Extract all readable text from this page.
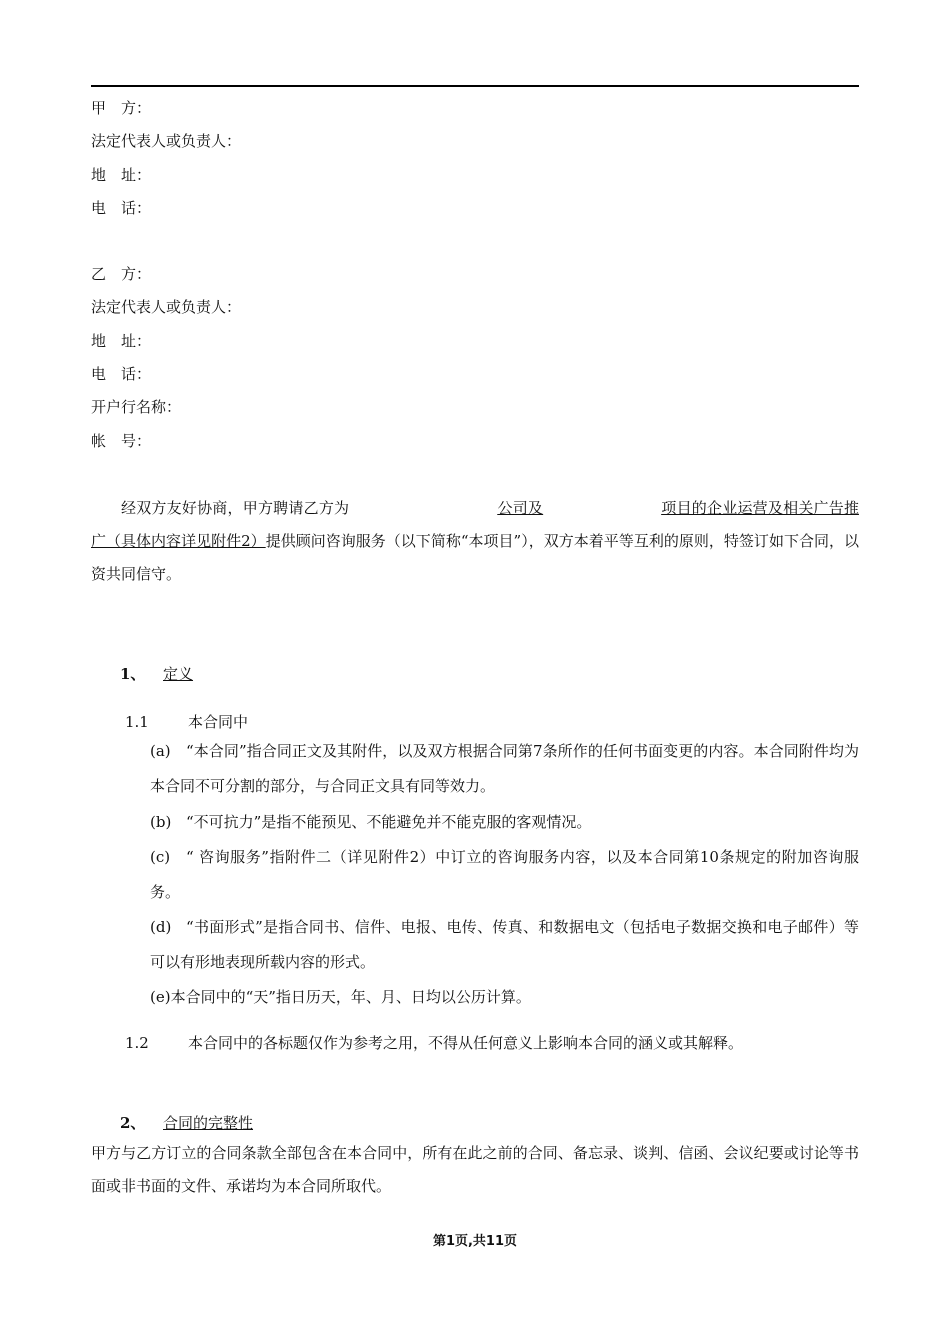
甲　方：
法定代表人或负责人：
地　址：
电　话：
乙　方：
法定代表人或负责人：
地　址：
电　话：
开户行名称：
帐　号：
经双方友好协商，甲方聘请乙方为	公司及	项目的企业运营及相关广告推广（具体内容详见附件2）提供顾问咨询服务（以下简称“本项目”），双方本着平等互利的原则，特签订如下合同，以资共同信守。
1、 定义
1.1	本合同中
(a) “本合同”指合同正文及其附件，以及双方根据合同第7条所作的任何书面变更的内容。本合同附件均为本合同不可分割的部分，与合同正文具有同等效力。
(b) “不可抗力”是指不能预见、不能避免并不能克服的客观情况。
(c) “ 咨询服务”指附件二（详见附件2）中订立的咨询服务内容，以及本合同第10条规定的附加咨询服务。
(d) “书面形式”是指合同书、信件、电报、电传、传真、和数据电文（包括电子数据交换和电子邮件）等可以有形地表现所载内容的形式。
(e)本合同中的“天”指日历天，年、月、日均以公历计算。
1.2	本合同中的各标题仅作为参考之用，不得从任何意义上影响本合同的涵义或其解释。
2、 合同的完整性
甲方与乙方订立的合同条款全部包含在本合同中，所有在此之前的合同、备忘录、谈判、信函、会议纪要或讨论等书面或非书面的文件、承诺均为本合同所取代。
第1页,共11页
